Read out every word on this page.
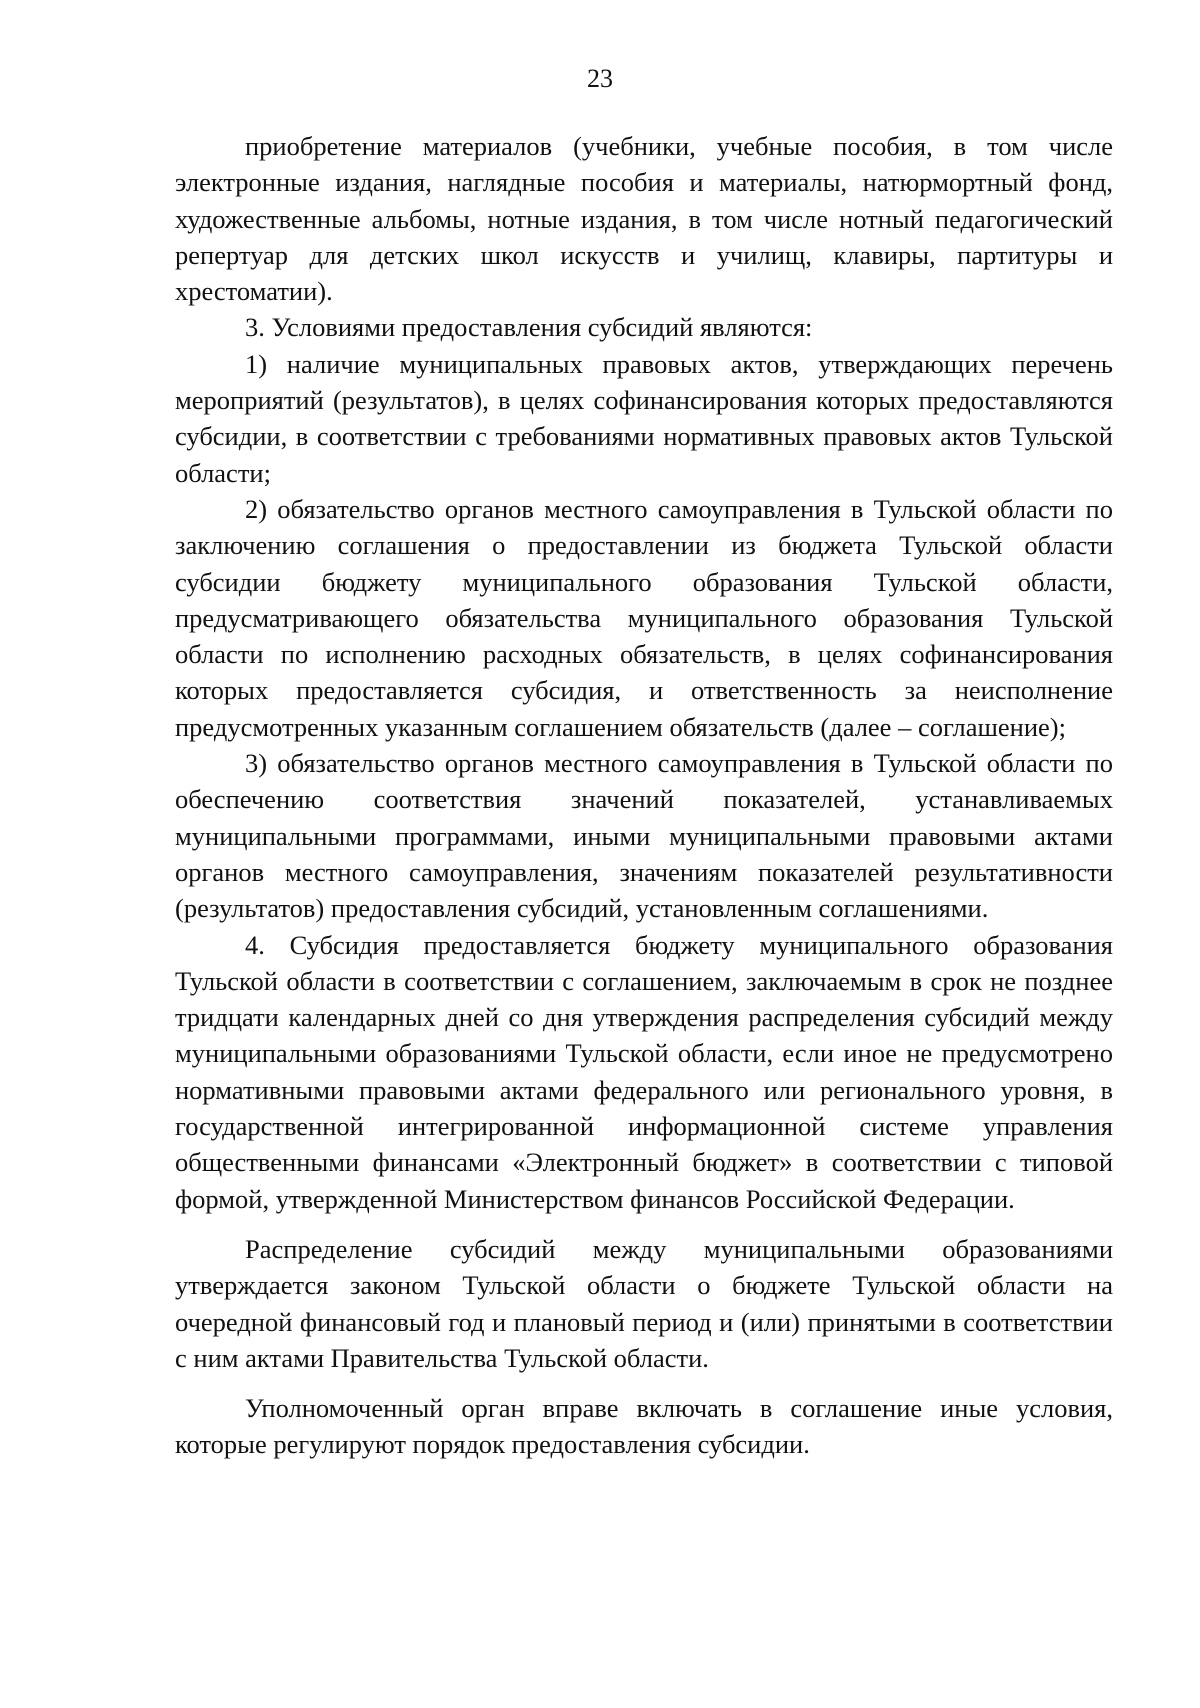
23

приобретение материалов (учебники, учебные пособия, в том числе электронные издания, наглядные пособия и материалы, натюрмортный фонд, художественные альбомы, нотные издания, в том числе нотный педагогический репертуар для детских школ искусств и училищ, клавиры, партитуры и хрестоматии).

3. Условиями предоставления субсидий являются:

1) наличие муниципальных правовых актов, утверждающих перечень мероприятий (результатов), в целях софинансирования которых предоставляются субсидии, в соответствии с требованиями нормативных правовых актов Тульской области;

2) обязательство органов местного самоуправления в Тульской области по заключению соглашения о предоставлении из бюджета Тульской области субсидии бюджету муниципального образования Тульской области, предусматривающего обязательства муниципального образования Тульской области по исполнению расходных обязательств, в целях софинансирования которых предоставляется субсидия, и ответственность за неисполнение предусмотренных указанным соглашением обязательств (далее – соглашение);

3) обязательство органов местного самоуправления в Тульской области по обеспечению соответствия значений показателей, устанавливаемых муниципальными программами, иными муниципальными правовыми актами органов местного самоуправления, значениям показателей результативности (результатов) предоставления субсидий, установленным соглашениями.

4. Субсидия предоставляется бюджету муниципального образования Тульской области в соответствии с соглашением, заключаемым в срок не позднее тридцати календарных дней со дня утверждения распределения субсидий между муниципальными образованиями Тульской области, если иное не предусмотрено нормативными правовыми актами федерального или регионального уровня, в государственной интегрированной информационной системе управления общественными финансами «Электронный бюджет» в соответствии с типовой формой, утвержденной Министерством финансов Российской Федерации.

Распределение субсидий между муниципальными образованиями утверждается законом Тульской области о бюджете Тульской области на очередной финансовый год и плановый период и (или) принятыми в соответствии с ним актами Правительства Тульской области.

Уполномоченный орган вправе включать в соглашение иные условия, которые регулируют порядок предоставления субсидии.
